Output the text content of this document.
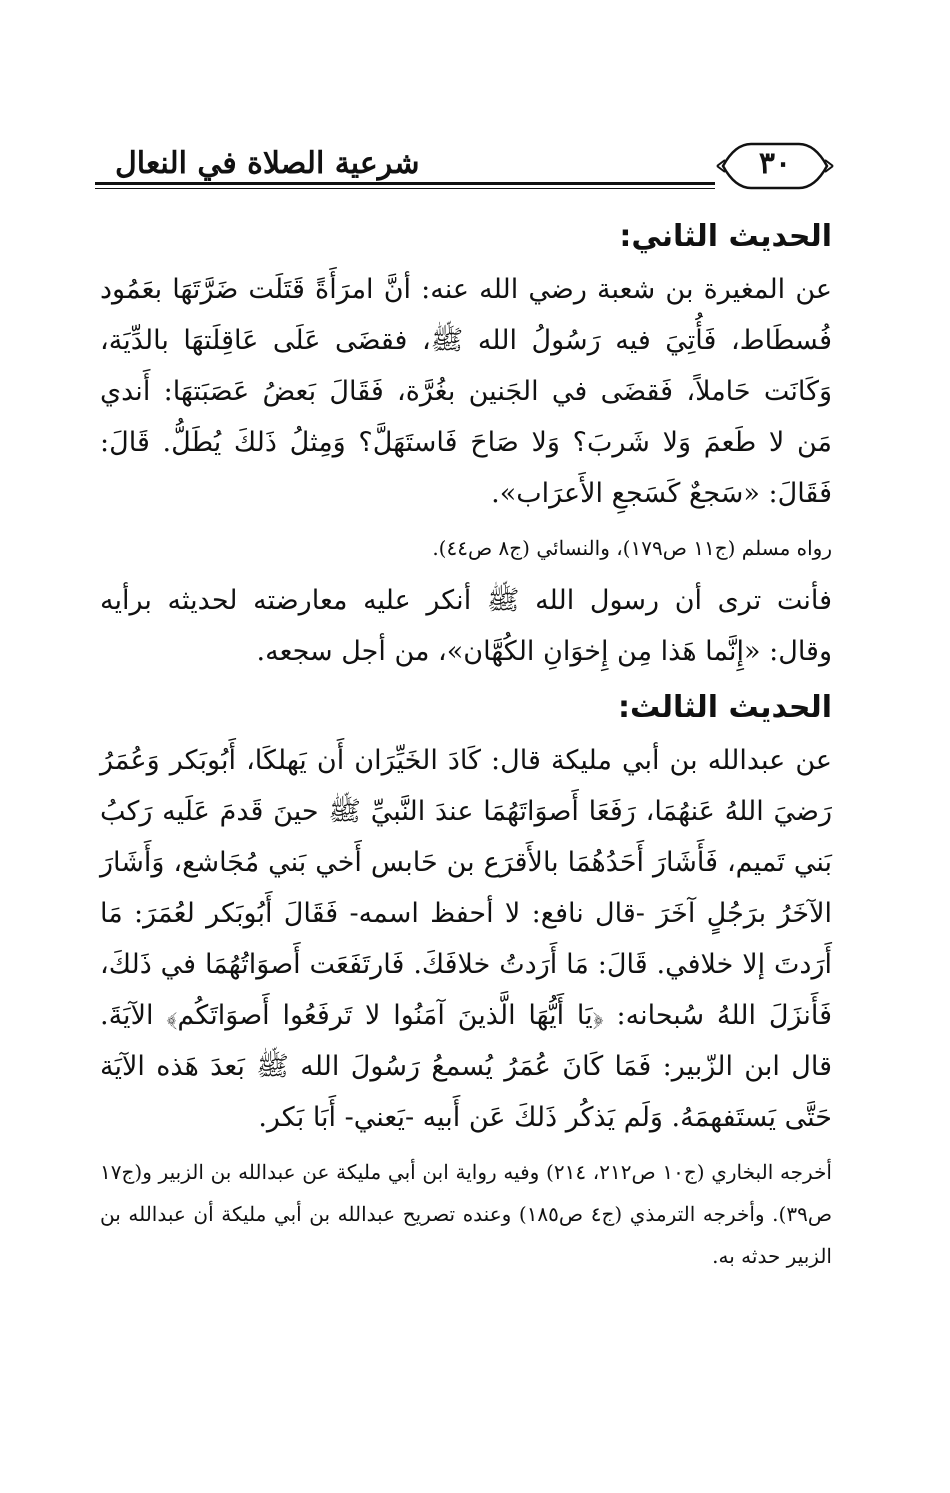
٣٠
شرعية الصلاة في النعال
الحديث الثاني:

عن المغيرة بن شعبة رضي الله عنه: أنَّ امرَأَةً قَتَلَت ضَرَّتَهَا بعَمُود فُسطَاط، فَأُتِيَ فيه رَسُولُ الله ﷺ، فقضَى عَلَى عَاقِلَتهَا بالدِّيَة، وَكَانَت حَاملاً، فَقضَى في الجَنين بغُرَّة، فَقَالَ بَعضُ عَصَبَتهَا: أَندي مَن لا طَعمَ وَلا شَربَ؟ وَلا صَاحَ فَاستَهَلَّ؟ وَمِثلُ ذَلكَ يُطَلُّ. قَالَ: فَقَالَ: «سَجعٌ كَسَجعِ الأَعرَاب».

رواه مسلم (ج١١ ص١٧٩)، والنسائي (ج٨ ص٤٤).

فأنت ترى أن رسول الله ﷺ أنكر عليه معارضته لحديثه برأيه وقال: «إِنَّما هَذا مِن إِخوَانِ الكُهَّان»، من أجل سجعه.

الحديث الثالث:

عن عبدالله بن أبي مليكة قال: كَادَ الخَيِّرَان أَن يَهلكَا، أَبُوبَكر وَعُمَرُ رَضيَ اللهُ عَنهُمَا، رَفَعَا أَصوَاتَهُمَا عندَ النَّبيِّ ﷺ حينَ قَدمَ عَلَيه رَكبُ بَني تَميم، فَأَشَارَ أَحَدُهُمَا بالأَقرَع بن حَابس أَخي بَني مُجَاشع، وَأَشَارَ الآخَرُ برَجُلٍ آخَرَ -قال نافع: لا أحفظ اسمه- فَقَالَ أَبُوبَكر لعُمَرَ: مَا أَرَدتَ إلا خلافي. قَالَ: مَا أَرَدتُ خلافَكَ. فَارتَفَعَت أَصوَاتُهُمَا في ذَلكَ، فَأَنزَلَ اللهُ سُبحانه: ﴿يَا أَيُّهَا الَّذينَ آمَنُوا لا تَرفَعُوا أَصوَاتَكُم﴾ الآيَةَ. قال ابن الزّبير: فَمَا كَانَ عُمَرُ يُسمعُ رَسُولَ الله ﷺ بَعدَ هَذه الآيَة حَتَّى يَستَفهمَهُ. وَلَم يَذكُر ذَلكَ عَن أَبيه -يَعني- أَبَا بَكر.

أخرجه البخاري (ج١٠ ص٢١٢، ٢١٤) وفيه رواية ابن أبي مليكة عن عبدالله بن الزبير و(ج١٧ ص٣٩). وأخرجه الترمذي (ج٤ ص١٨٥) وعنده تصريح عبدالله بن أبي مليكة أن عبدالله بن الزبير حدثه به.
